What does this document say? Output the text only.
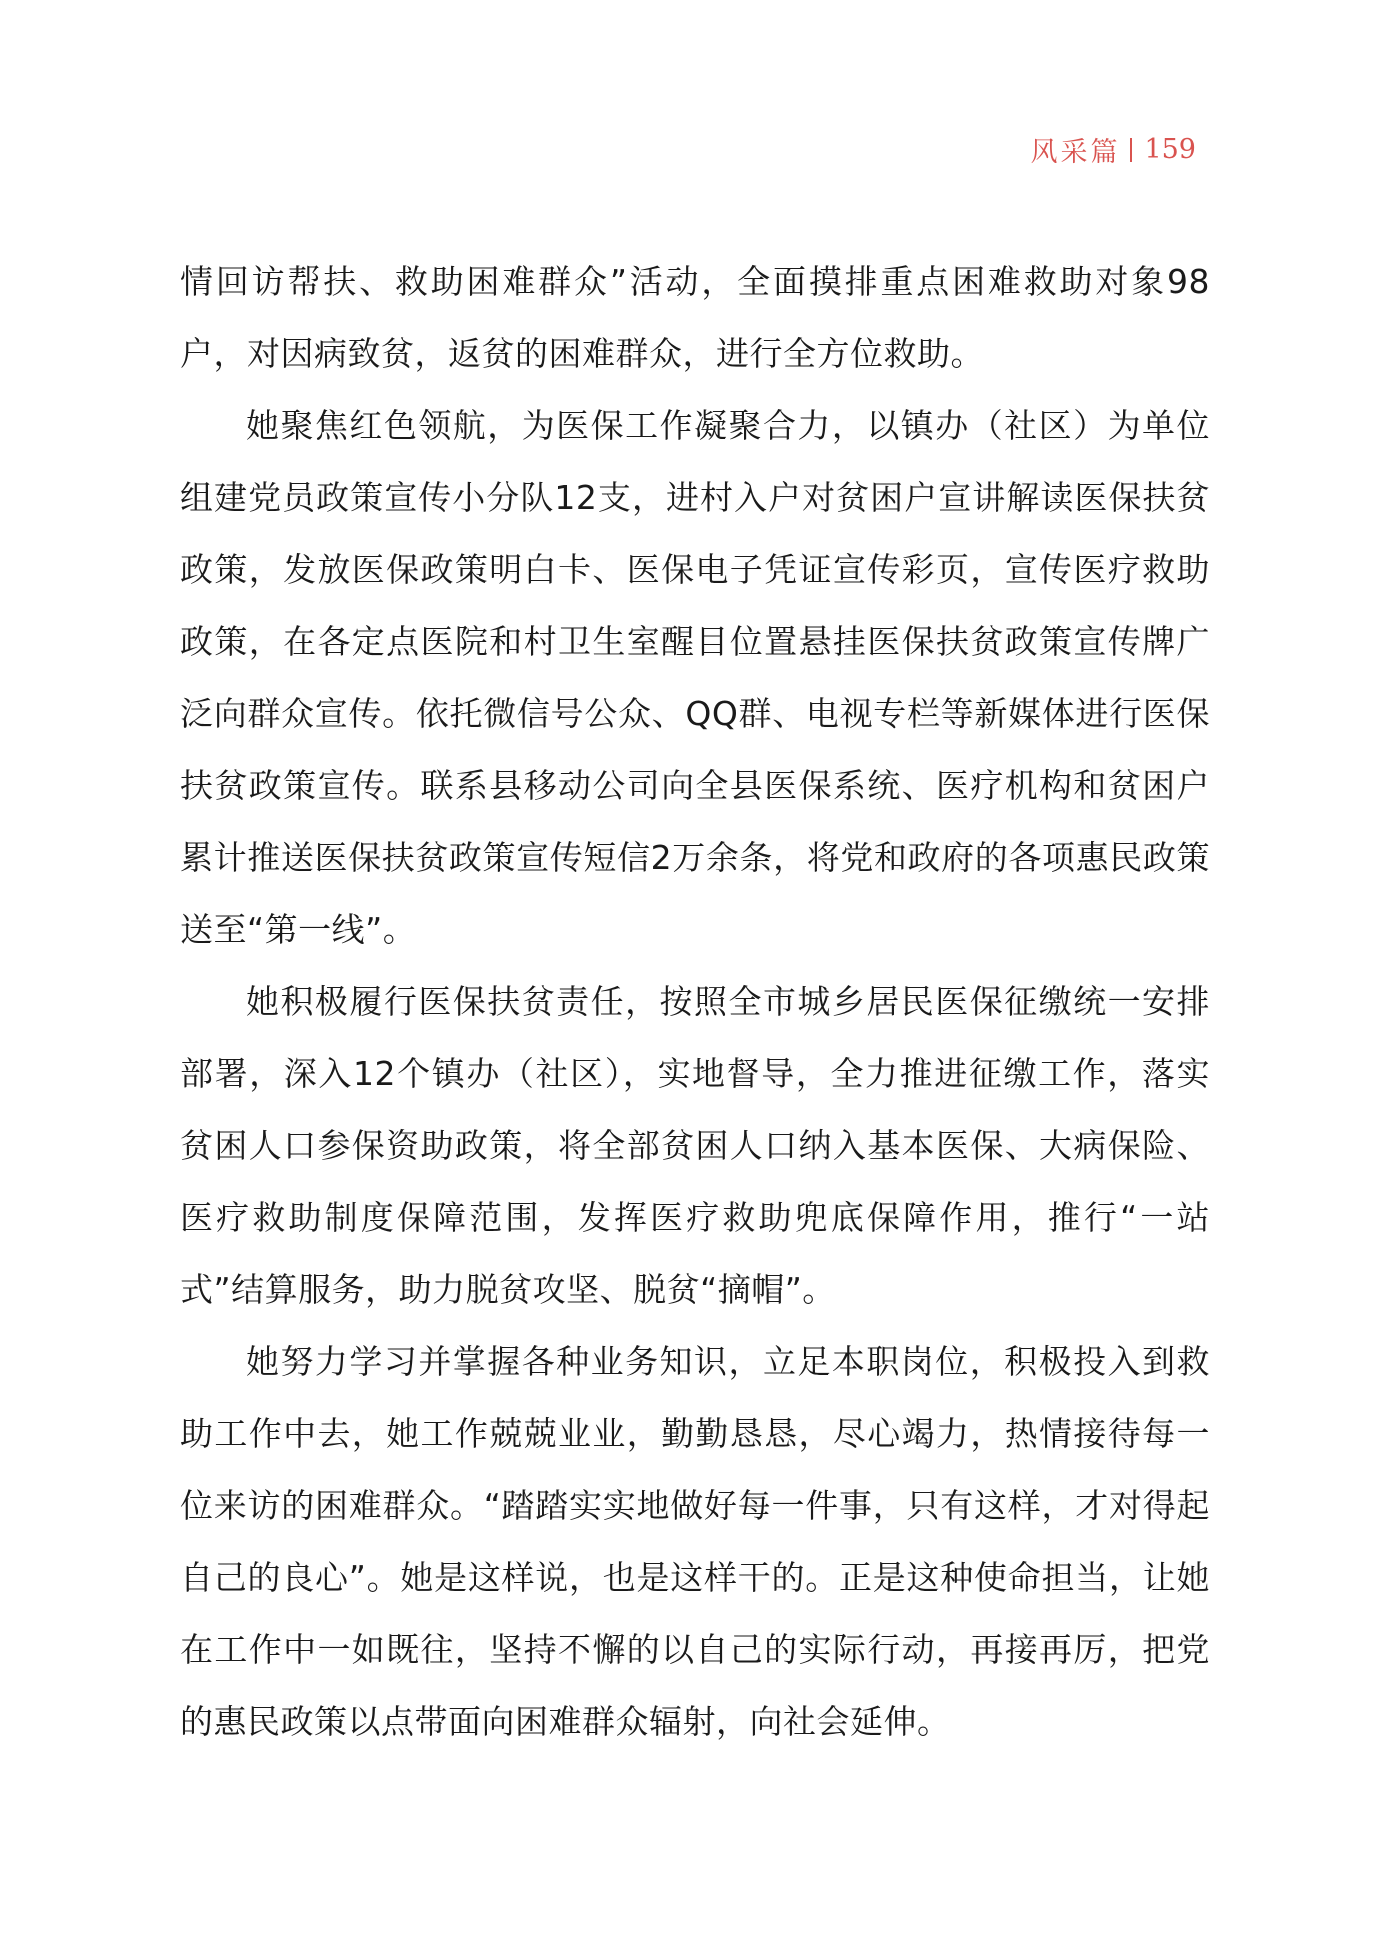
风采篇 159

情回访帮扶、救助困难群众”活动，全面摸排重点困难救助对象98户，对因病致贫，返贫的困难群众，进行全方位救助。

她聚焦红色领航，为医保工作凝聚合力，以镇办（社区）为单位组建党员政策宣传小分队12支，进村入户对贫困户宣讲解读医保扶贫政策，发放医保政策明白卡、医保电子凭证宣传彩页，宣传医疗救助政策，在各定点医院和村卫生室醒目位置悬挂医保扶贫政策宣传牌广泛向群众宣传。依托微信号公众、QQ群、电视专栏等新媒体进行医保扶贫政策宣传。联系县移动公司向全县医保系统、医疗机构和贫困户累计推送医保扶贫政策宣传短信2万余条，将党和政府的各项惠民政策送至“第一线”。

她积极履行医保扶贫责任，按照全市城乡居民医保征缴统一安排部署，深入12个镇办（社区），实地督导，全力推进征缴工作，落实贫困人口参保资助政策，将全部贫困人口纳入基本医保、大病保险、医疗救助制度保障范围，发挥医疗救助兜底保障作用，推行“一站式”结算服务，助力脱贫攻坚、脱贫“摘帽”。

她努力学习并掌握各种业务知识，立足本职岗位，积极投入到救助工作中去，她工作兢兢业业，勤勤恳恳，尽心竭力，热情接待每一位来访的困难群众。“踏踏实实地做好每一件事，只有这样，才对得起自己的良心”。她是这样说，也是这样干的。正是这种使命担当，让她在工作中一如既往，坚持不懈的以自己的实际行动，再接再厉，把党的惠民政策以点带面向困难群众辐射，向社会延伸。
